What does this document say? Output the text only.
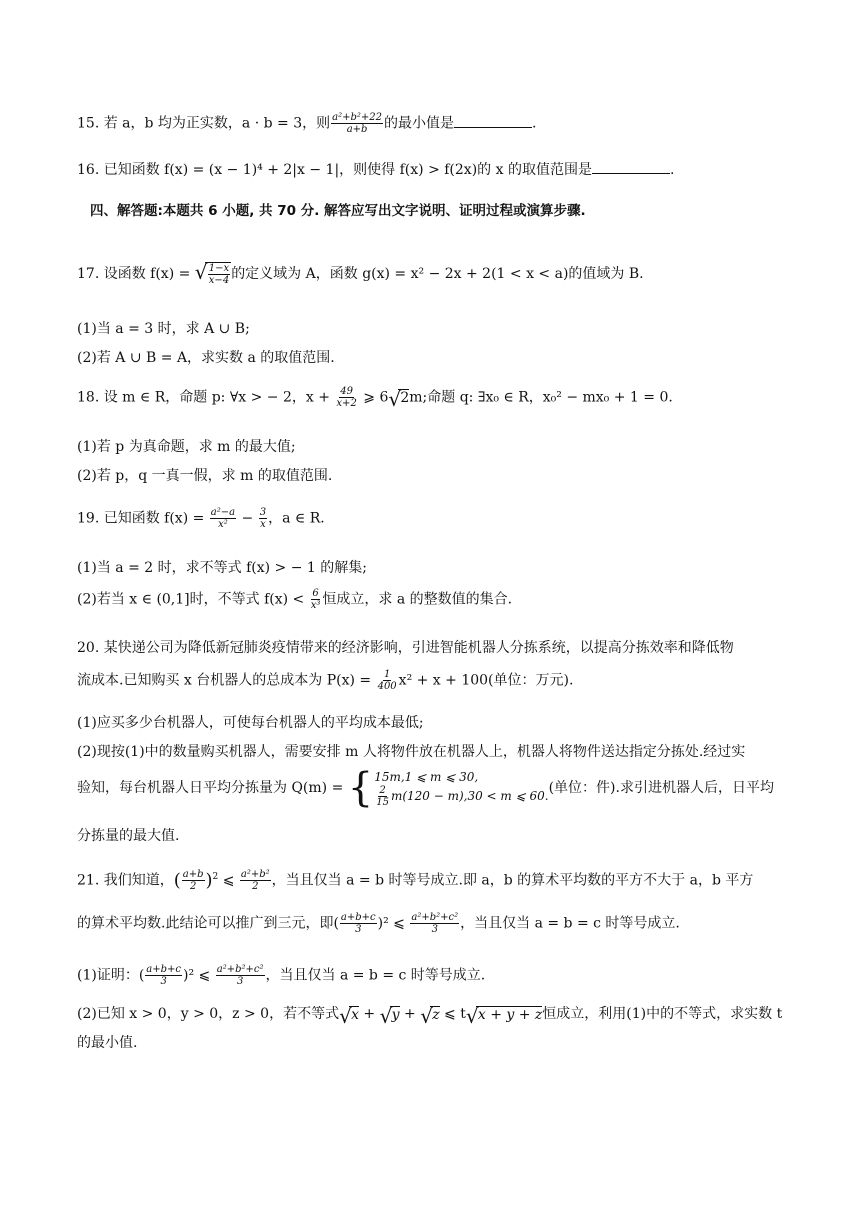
15. 若 a，b 均为正实数，a · b = 3，则 $\frac{\text{a²+b²+22}}{a+b}$ 的最小值是	.
16. 已知函数 f(x) = (x − 1)⁴ + 2|x − 1|，则使得 f(x) > f(2x)的 x 的取值范围是	.
四、解答题:本题共 6 小题, 共 70 分. 解答应写出文字说明、证明过程或演算步骤.
17. 设函数 f(x) = √ $\frac{1-x}{x-4}$ 的定义域为 A，函数 g(x) = x² − 2x + 2(1 < x < a)的值域为 B.
(1)当 a = 3 时，求 A ∪ B;
(2)若 A ∪ B = A，求实数 a 的取值范围.
18. 设 m ∈ R，命题 p: ∀x > − 2，$x + \frac{49}{x+2}$ ⩾ 6 √ 2m;命题 q: ∃x₀ ∈ R，x₀² − mx₀ + 1 = 0.
(1)若 p 为真命题，求 m 的最大值;
(2)若 p，q 一真一假，求 m 的取值范围.
19. 已知函数 $f(x) = \frac{\text{a²−a}}{\text{x²}} - \frac{3}{x}$ ，a ∈ R.
(1)当 a = 2 时，求不等式 f(x) > − 1 的解集;
(2)若当 x ∈ (0,1]时，不等式 $f(x) < \frac{6}{\text{x³}}$ 恒成立，求 a 的整数值的集合.
20. 某快递公司为降低新冠肺炎疫情带来的经济影响，引进智能机器人分拣系统，以提高分拣效率和降低物
流成本.已知购买 x 台机器人的总成本为 $P(x) = \frac{1}{400} x^2 + x + 100$(单位：万元).
(1)应买多少台机器人，可使每台机器人的平均成本最低;
(2)现按(1)中的数量购买机器人，需要安排 m 人将物件放在机器人上，机器人将物件送达指定分拣处.经过实
验知，每台机器人日平均分拣量为 Q(m) = { 15m,1 ⩽ m ⩽ 30,
$\frac{2}{15} m(120 - m),30 < m$ ⩽ 60. (单位：件).求引进机器人后，日平均
分拣量的最大值.
21. 我们知道，( $\frac{a+b}{2} )^2$ ⩽ $\frac{\text{a²+b²}}{2}$ ，当且仅当 a = b 时等号成立.即 a，b 的算术平均数的平方不大于 a，b 平方
的算术平均数.此结论可以推广到三元，即( $\frac{a+b+c}{3} )^2$ ⩽ $\frac{\text{a²+b²+c²}}{3}$ ，当且仅当 a = b = c 时等号成立.
(1)证明：( $\frac{a+b+c}{3} )^2$ ⩽ $\frac{\text{a²+b²+c²}}{3}$ ，当且仅当 a = b = c 时等号成立.
(2)已知 x > 0，y > 0，z > 0，若不等式 √ x + √ y + √ z ⩽ t √ x + y + z恒成立，利用(1)中的不等式，求实数 t
的最小值.
